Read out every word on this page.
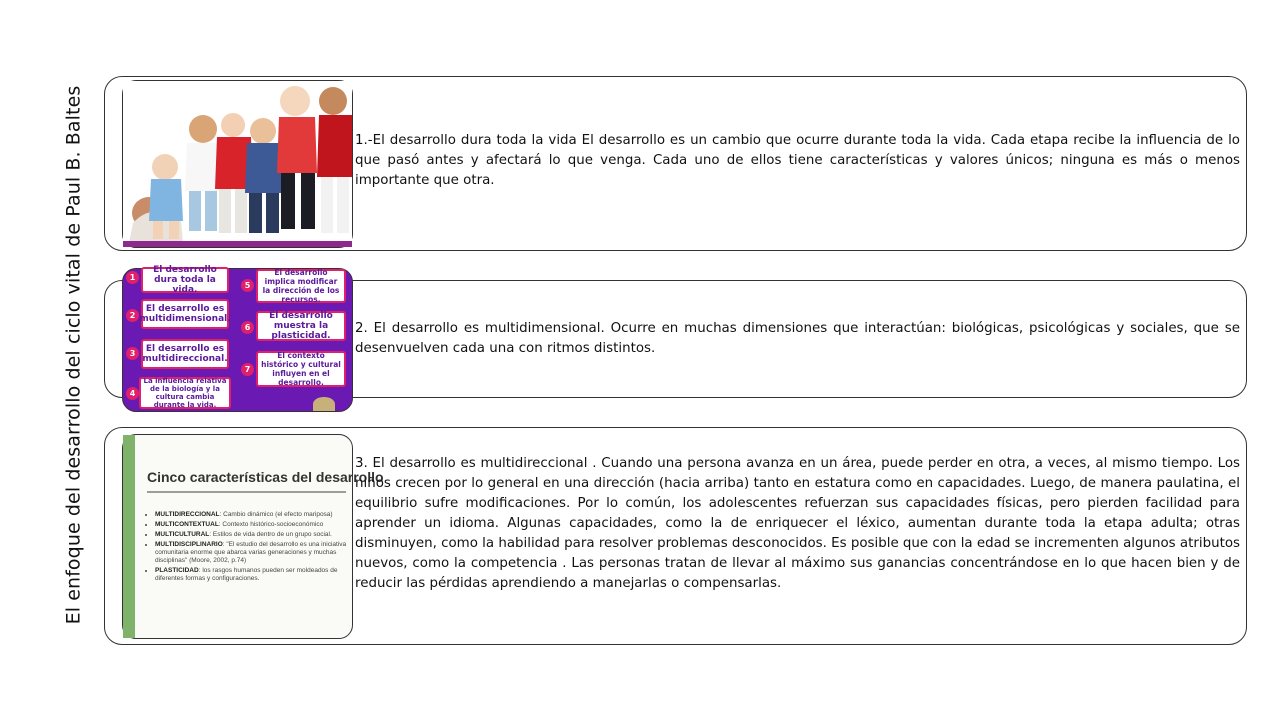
El enfoque del desarrollo del ciclo vital de Paul B. Baltes	1.-El desarrollo dura toda la vida El desarrollo es un cambio que ocurre durante toda la vida. Cada etapa recibe la influencia de lo que pasó antes y afectará lo que venga. Cada uno de ellos tiene características y valores únicos; ninguna es más o menos importante que otra.
1
El desarrollo dura toda la vida.
2
El desarrollo es multidimensional.
3	El desarrollo es multidireccional.
4
La influencia relativa de la biología y la cultura cambia durante la vida.
5
El desarrollo implica modificar la dirección de los recursos.
6
El desarrollo muestra la plasticidad.
7
El contexto histórico y cultural influyen en el desarrollo.
2. El desarrollo es multidimensional. Ocurre en muchas dimensiones que interactúan: biológicas, psicológicas y sociales, que se desenvuelven cada una con ritmos distintos.
Cinco características del desarrollo
• MULTIDIRECCIONAL: Cambio dinámico (el efecto mariposa)
• MULTICONTEXTUAL: Contexto histórico-socioeconómico
• MULTICULTURAL: Estilos de vida dentro de un grupo social.
• MULTIDISCIPLINARIO: "El estudio del desarrollo es una iniciativa comunitaria enorme que abarca varias generaciones y muchas disciplinas" (Moore, 2002, p.74)
• PLASTICIDAD: los rasgos humanos pueden ser moldeados de diferentes formas y configuraciones.
3. El desarrollo es multidireccional . Cuando una persona avanza en un área, puede perder en otra, a veces, al mismo tiempo. Los niños crecen por lo general en una dirección (hacia arriba) tanto en estatura como en capacidades. Luego, de manera paulatina, el equilibrio sufre modificaciones. Por lo común, los adolescentes refuerzan sus capacidades físicas, pero pierden facilidad para aprender un idioma. Algunas capacidades, como la de enriquecer el léxico, aumentan durante toda la etapa adulta; otras disminuyen, como la habilidad para resolver problemas desconocidos. Es posible que con la edad se incrementen algunos atributos nuevos, como la competencia . Las personas tratan de llevar al máximo sus ganancias concentrándose en lo que hacen bien y de reducir las pérdidas aprendiendo a manejarlas o compensarlas.
